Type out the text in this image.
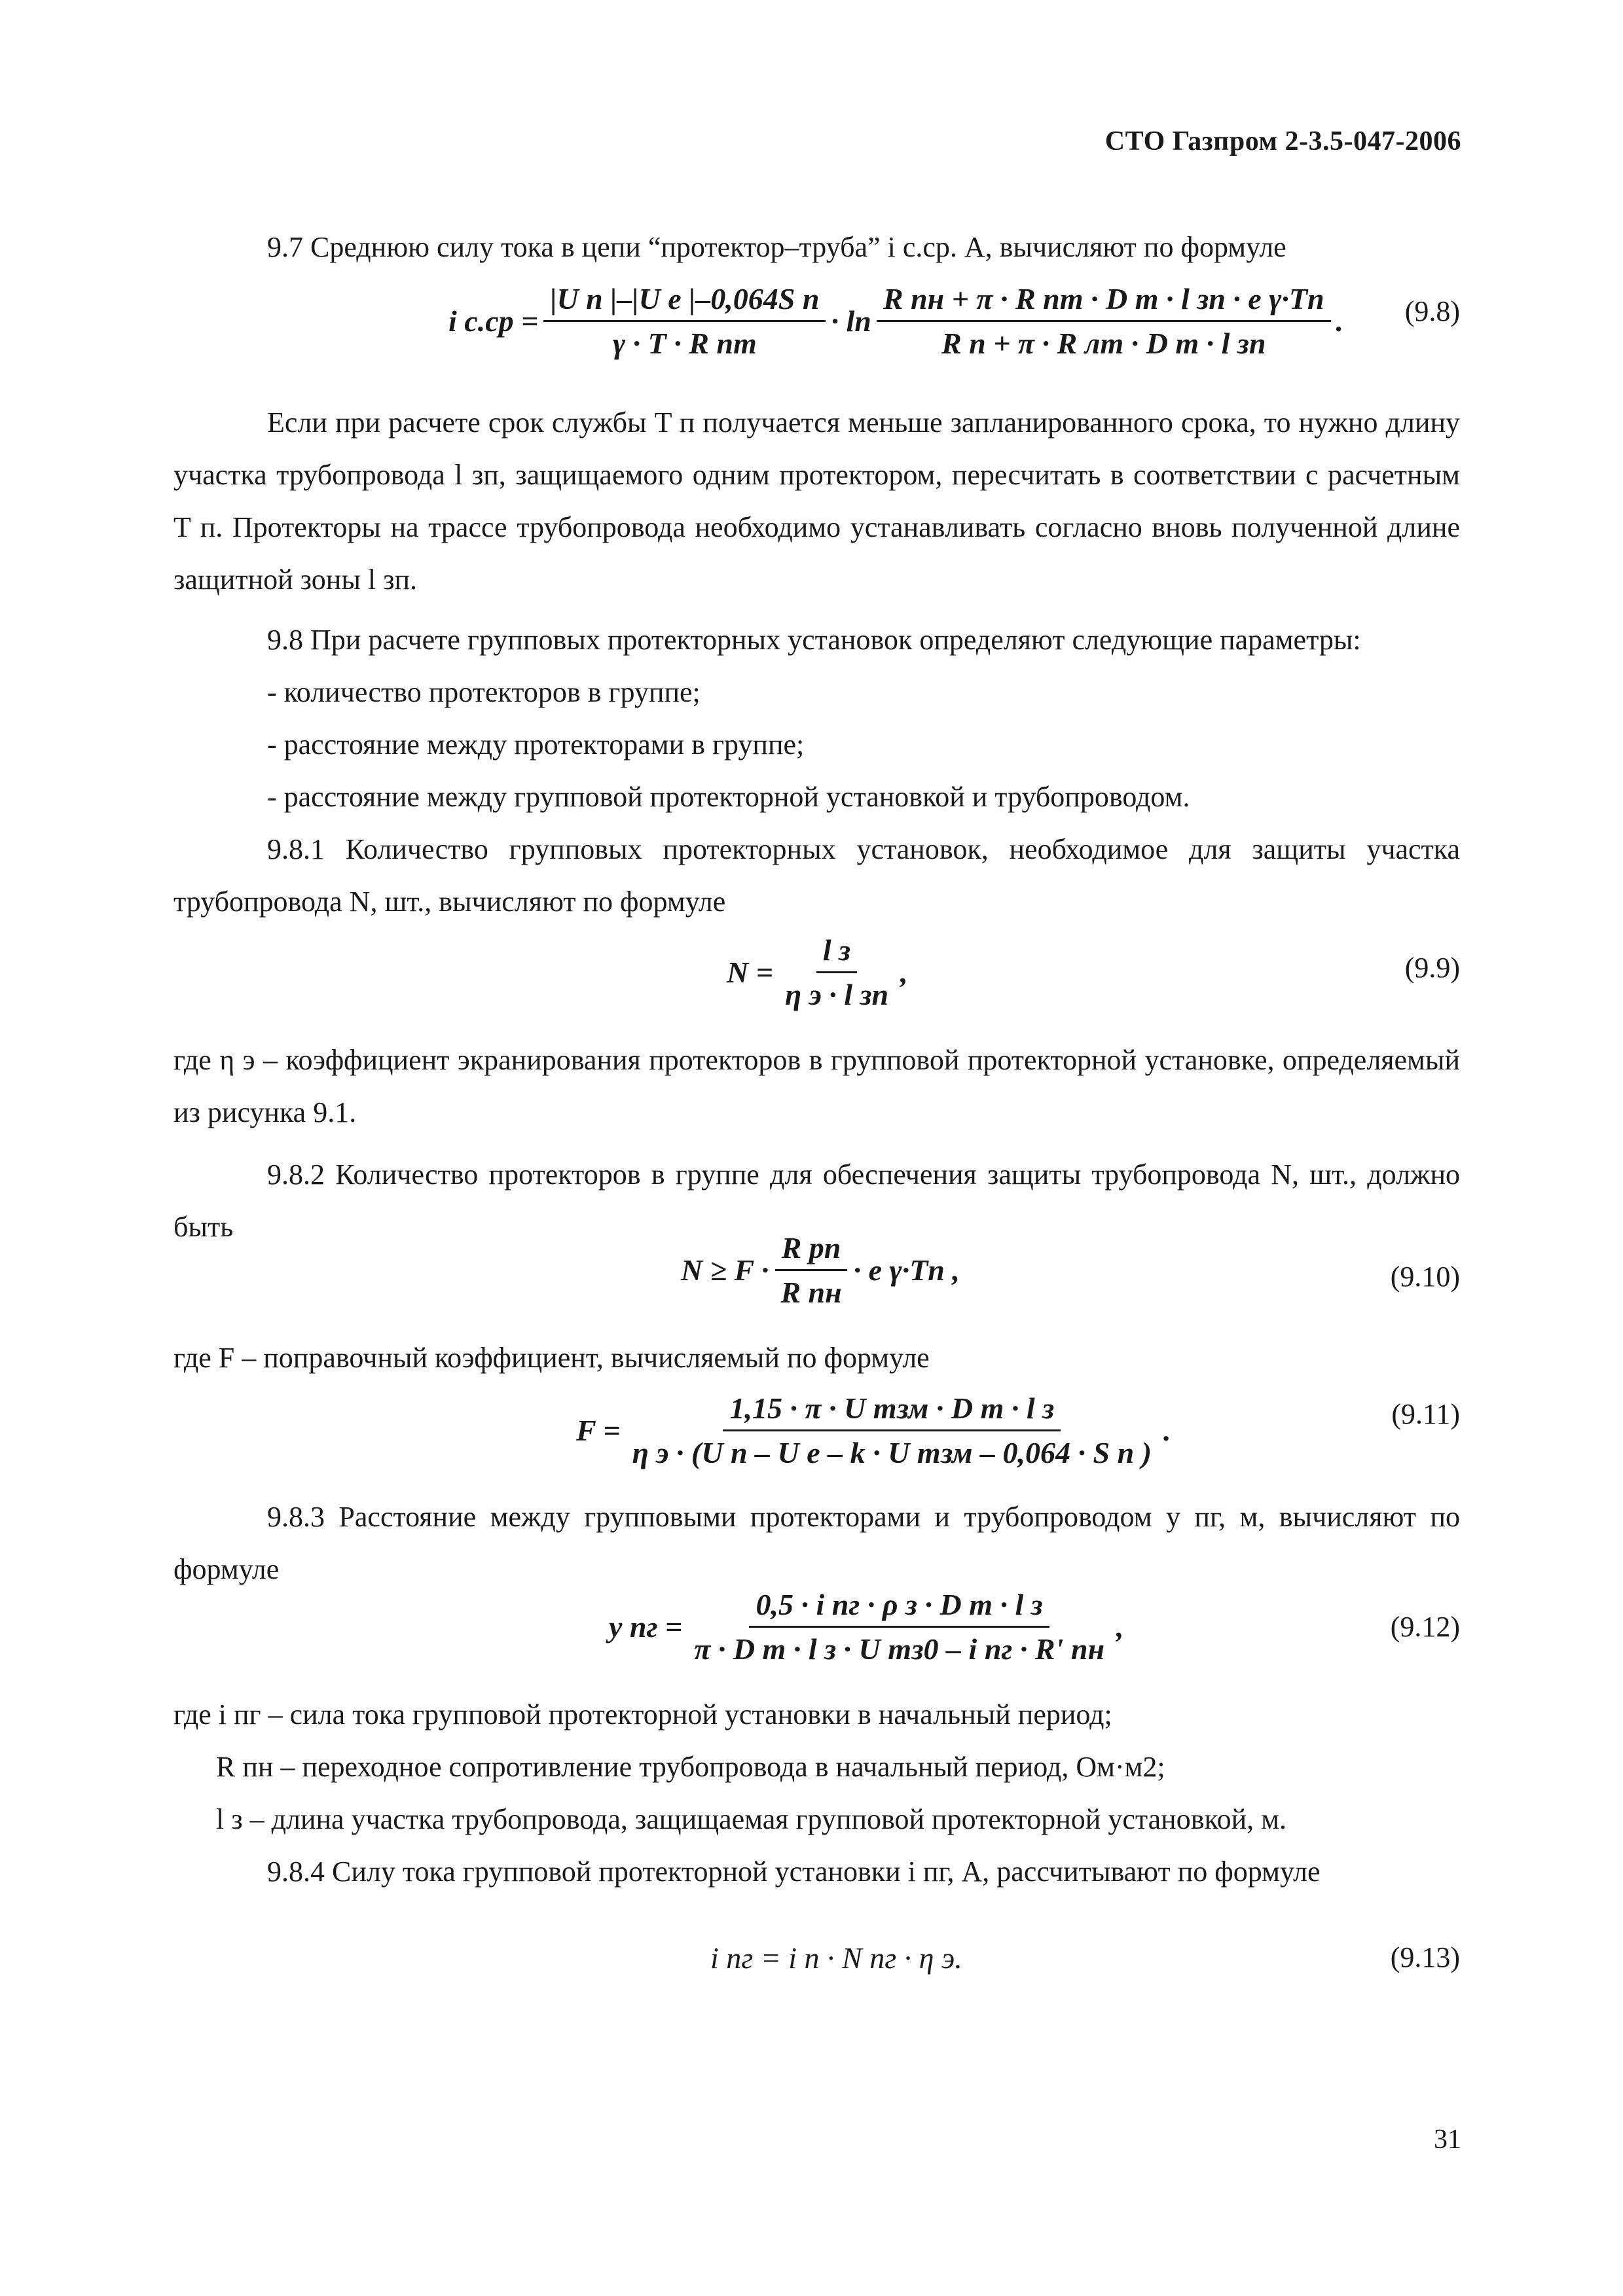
СТО Газпром 2-3.5-047-2006
9.7 Среднюю силу тока в цепи “протектор–труба” i с.ср. А, вычисляют по формуле
i $с.ср = \frac{\text{|U п |–|U е |–0,064S п}}{\text{γ · T · R пт}} \cdot \ln \frac{\text{R пн + π · R пт · D т · l зп · e γ·Tп}}{\text{R п + π · R лт · D т · l зп}}$ . (9.8)
Если при расчете срок службы T п получается меньше запланированного срока, то нужно длину участка трубопровода l зп, защищаемого одним протектором, пересчитать в соответствии с расчетным T п. Протекторы на трассе трубопровода необходимо устанавливать согласно вновь полученной длине защитной зоны l зп.
9.8 При расчете групповых протекторных установок определяют следующие параметры:
- количество протекторов в группе;
- расстояние между протекторами в группе;
- расстояние между групповой протекторной установкой и трубопроводом.
9.8.1 Количество групповых протекторных установок, необходимое для защиты участка трубопровода N, шт., вычисляют по формуле
$N = \frac{\text{l з}}{\text{η э · l зп}}$ ,	(9.9)
где η э – коэффициент экранирования протекторов в групповой протекторной установке, определяемый из рисунка 9.1.
9.8.2 Количество протекторов в группе для обеспечения защиты трубопровода N, шт., должно быть
$N \ge F \cdot \frac{\text{R рп}}{\text{R пн}} \cdot e$ γ·Tп ,	(9.10)
где F – поправочный коэффициент, вычисляемый по формуле
$F = \frac{\text{1,15 · π · U тзм · D т · l з}}{\text{η э · (U п – U е – k · U тзм – 0,064 · S п )}}$ .	(9.11)
9.8.3 Расстояние между групповыми протекторами и трубопроводом y пг, м, вычисляют по формуле
y пг = $\frac{\text{0,5 · i пг · ρ з · D т · l з}}{\text{π · D т · l з · U тз0 – i пг · R' пн}}$ ,	(9.12)
где i пг – сила тока групповой протекторной установки в начальный период;
R пн – переходное сопротивление трубопровода в начальный период, Ом·м2;
l з – длина участка трубопровода, защищаемая групповой протекторной установкой, м.
9.8.4 Силу тока групповой протекторной установки i пг, А, рассчитывают по формуле
i пг = i п · N пг · η э.	(9.13)
31
